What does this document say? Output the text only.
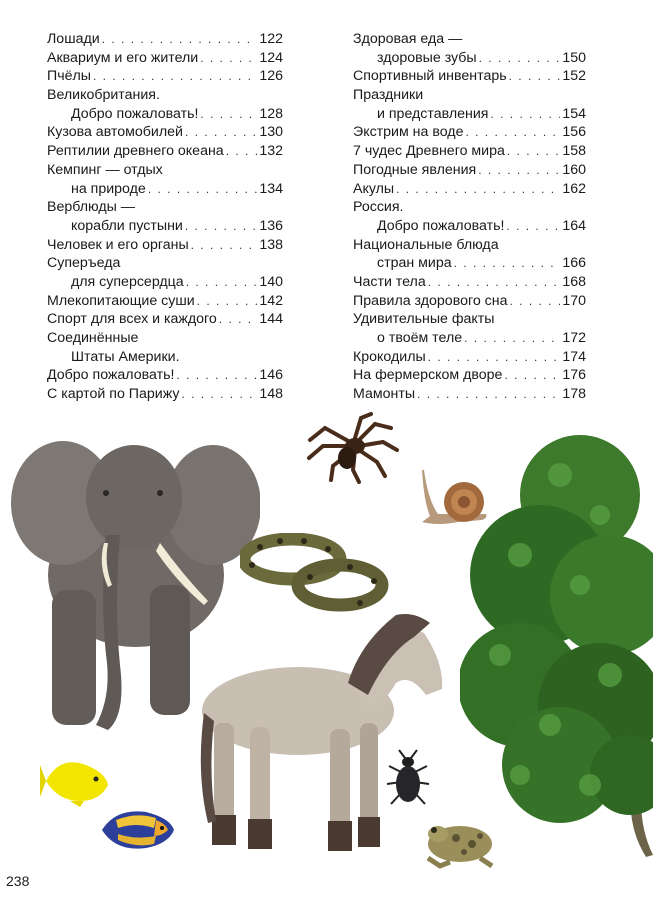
Лошади . . .	122
Аквариум и его жители . . .	124
Пчёлы . . .	126
Великобритания.
Добро пожаловать! . . .	128
Кузова автомобилей . . .	130
Рептилии древнего океана . . .	132
Кемпинг — отдых
на природе . . .	134
Верблюды —
корабли пустыни . . .	136
Человек и его органы . . .	138
Суперъеда
для суперсердца . . .	140
Млекопитающие суши . . .	142
Спорт для всех и каждого . . .	144
Соединённые
Штаты Америки.
Добро пожаловать! . . .	146
С картой по Парижу . . .	148
Здоровая еда —
здоровые зубы . . .	150
Спортивный инвентарь . . .	152
Праздники
и представления . . .	154
Экстрим на воде . . .	156
7 чудес Древнего мира . . .	158
Погодные явления . . .	160
Акулы . . .	162
Россия.
Добро пожаловать! . . .	164
Национальные блюда
стран мира . . .	166
Части тела . . .	168
Правила здорового сна . . .	170
Удивительные факты
о твоём теле . . .	172
Крокодилы . . .	174
На фермерском дворе . . .	176
Мамонты . . .	178
238
